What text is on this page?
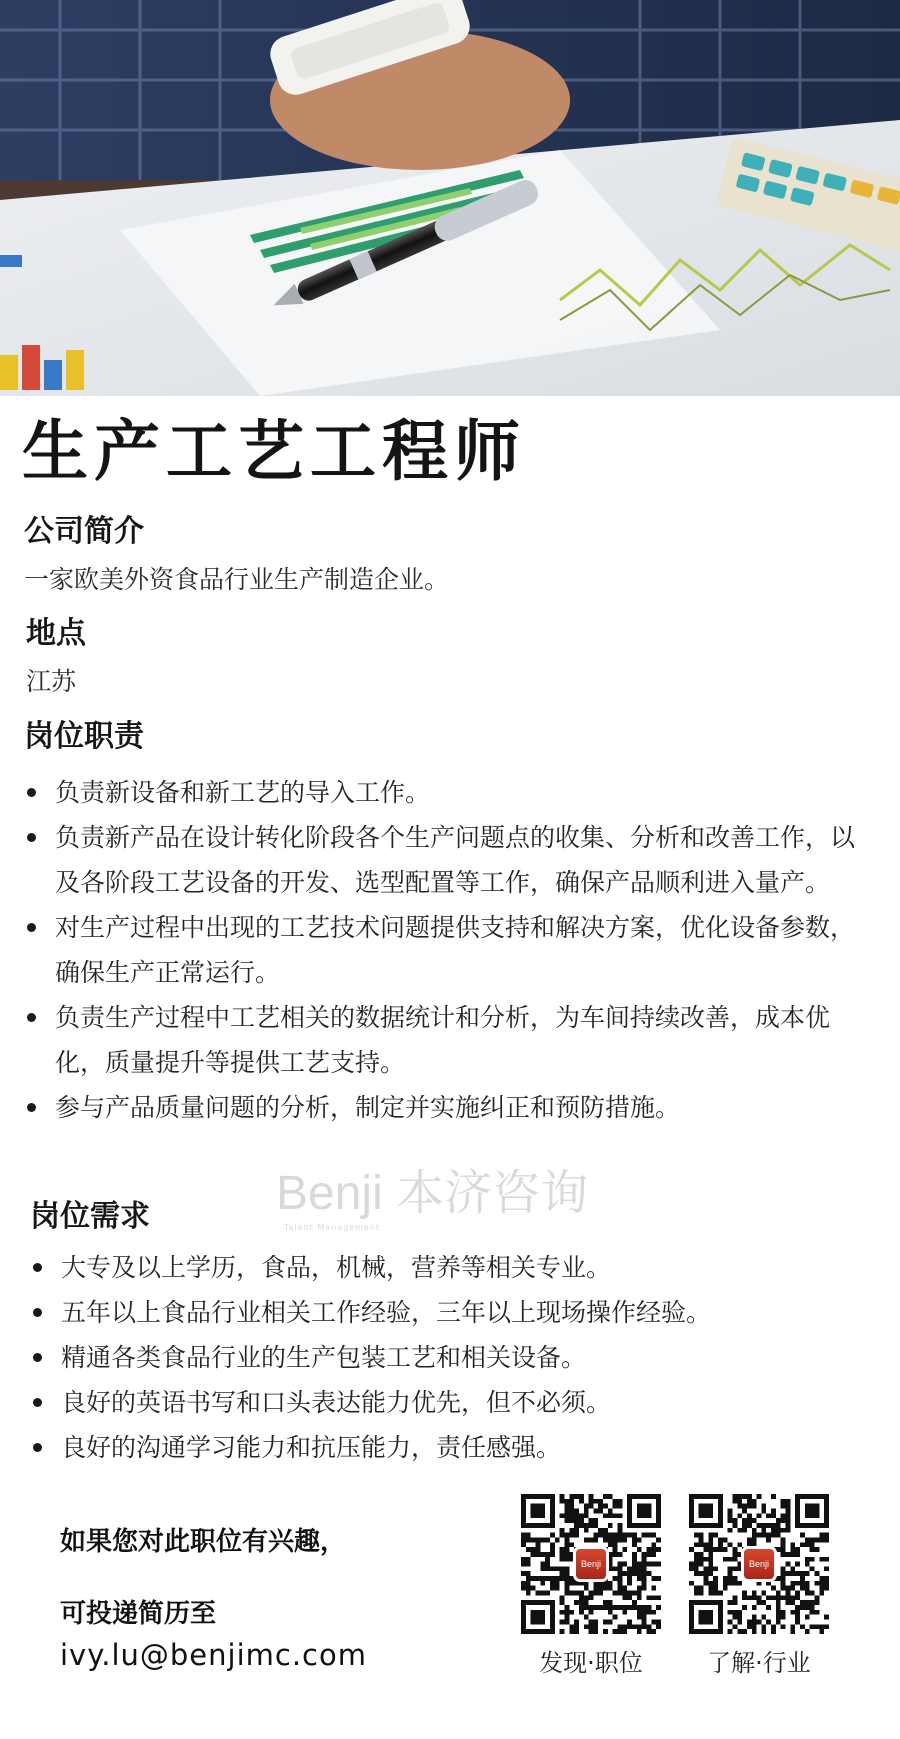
生产工艺工程师
公司简介

一家欧美外资食品行业生产制造企业。

地点

江苏

岗位职责
负责新设备和新工艺的导入工作。
负责新产品在设计转化阶段各个生产问题点的收集、分析和改善工作，以及各阶段工艺设备的开发、选型配置等工作，确保产品顺利进入量产。
对生产过程中出现的工艺技术问题提供支持和解决方案，优化设备参数，确保生产正常运行。
负责生产过程中工艺相关的数据统计和分析，为车间持续改善，成本优化，质量提升等提供工艺支持。
参与产品质量问题的分析，制定并实施纠正和预防措施。
Benji 本济咨询
Talent Management
岗位需求
大专及以上学历，食品，机械，营养等相关专业。
五年以上食品行业相关工作经验，三年以上现场操作经验。
精通各类食品行业的生产包装工艺和相关设备。
良好的英语书写和口头表达能力优先，但不必须。
良好的沟通学习能力和抗压能力，责任感强。
如果您对此职位有兴趣，
可投递简历至
ivy.lu@benjimc.com
Benji
发现·职位
Benji
了解·行业
